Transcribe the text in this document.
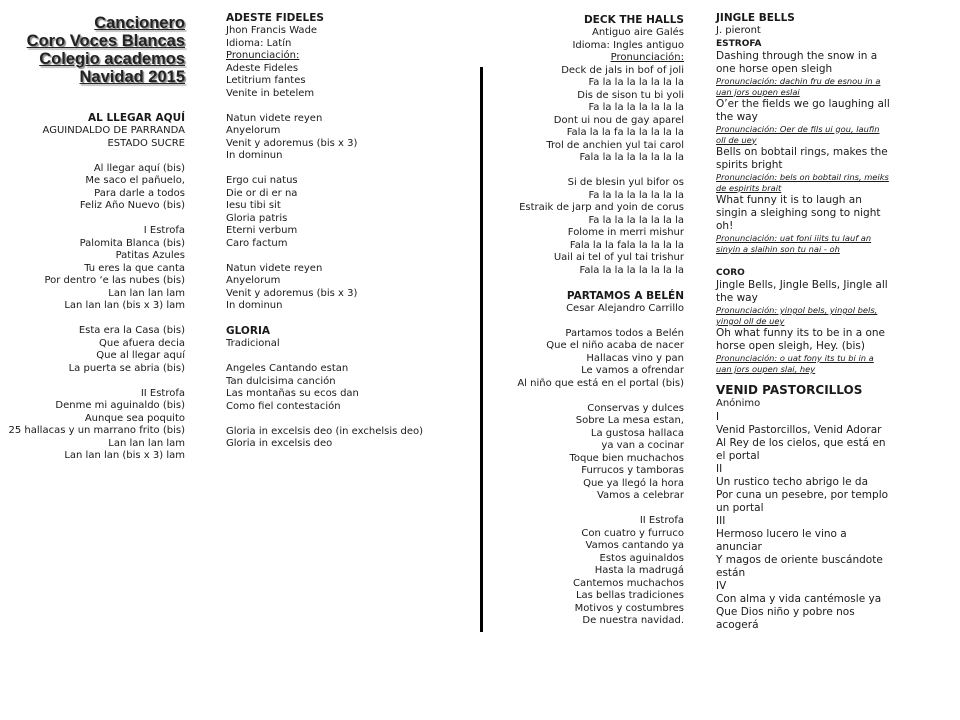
Cancionero
Coro Voces Blancas
Colegio academos
Navidad 2015
AL LLEGAR AQUÍ
AGUINDALDO DE PARRANDA
ESTADO SUCRE
Al llegar aquí (bis)
Me saco el pañuelo,
Para darle a todos
Feliz Año Nuevo (bis)
I Estrofa
Palomita Blanca (bis)
Patitas Azules
Tu eres la que canta
Por dentro ‘e las nubes (bis)
Lan lan lan lam
Lan lan lan (bis x 3) lam
Esta era la Casa (bis)
Que afuera decia
Que al llegar aquí
La puerta se abria (bis)
II Estrofa
Denme mi aguinaldo (bis)
Aunque sea poquito
25 hallacas y un marrano frito (bis)
Lan lan lan lam
Lan lan lan (bis x 3) lam
ADESTE FIDELES
Jhon Francis Wade
Idioma: Latín
Pronunciación:
Adeste Fideles
Letitrium fantes
Venite in betelem
Natun videte reyen
Anyelorum
Venit y adoremus (bis x 3)
In dominun
Ergo cui natus
Die or di er na
Iesu tibi sit
Gloria patris
Eterni verbum
Caro factum
Natun videte reyen
Anyelorum
Venit y adoremus (bis x 3)
In dominun
GLORIA
Tradicional
Angeles Cantando estan
Tan dulcisima canción
Las montañas su ecos dan
Como fiel contestación
Gloria in excelsis deo (in exchelsis deo)
Gloria in excelsis deo
DECK THE HALLS
Antiguo aire Galés
Idioma: Ingles antiguo
Pronunciación:
Deck de jals in bof of joli
Fa la la la la la la la
Dis de sison tu bi yoli
Fa la la la la la la la
Dont ui nou de gay aparel
Fala la la fa la la la la la
Trol de anchien yul tai carol
Fala la la la la la la la
Si de blesin yul bifor os
Fa la la la la la la la
Estraik de jarp and yoin de corus
Fa la la la la la la la
Folome in merri mishur
Fala la la fala la la la la
Uail ai tel of yul tai trishur
Fala la la la la la la la
PARTAMOS A BELÉN
Cesar Alejandro Carrillo
Partamos todos a Belén
Que el niño acaba de nacer
Hallacas vino y pan
Le vamos a ofrendar
Al niño que está en el portal (bis)
Conservas y dulces
Sobre La mesa estan,
La gustosa hallaca
ya van a cocinar
Toque bien muchachos
Furrucos y tamboras
Que ya llegó la hora
Vamos a celebrar
II Estrofa
Con cuatro y furruco
Vamos cantando ya
Estos aguinaldos
Hasta la madrugá
Cantemos muchachos
Las bellas tradiciones
Motivos y costumbres
De nuestra navidad.
JINGLE BELLS
J. pieront
ESTROFA
Dashing through the snow in a one horse open sleigh
Pronunciación: dachin fru de esnou in a uan jors oupen eslai
O’er the fields we go laughing all the way
Pronunciación: Oer de fils ui gou, laufin oll de uey
Bells on bobtail rings, makes the spirits bright
Pronunciación: bels on bobtail rins, meiks de espirits brait
What funny it is to laugh an singin a sleighing song to night oh!
Pronunciación: uat foni iiits tu lauf an sinyin a slaihin son tu nai - oh
CORO
Jingle Bells, Jingle Bells, Jingle all the way
Pronunciación: yingol bels, yingol bels, yingol oll de uey
Oh what funny its to be in a one horse open sleigh, Hey. (bis)
Pronunciación: o uat fony its tu bi in a uan jors oupen slai, hey
VENID PASTORCILLOS
Anónimo
I
Venid Pastorcillos, Venid Adorar
Al Rey de los cielos, que está en el portal
II
Un rustico techo abrigo le da
Por cuna un pesebre, por templo un portal
III
Hermoso lucero le vino a anunciar
Y magos de oriente buscándote están
IV
Con alma y vida cantémosle ya
Que Dios niño y pobre nos acogerá
